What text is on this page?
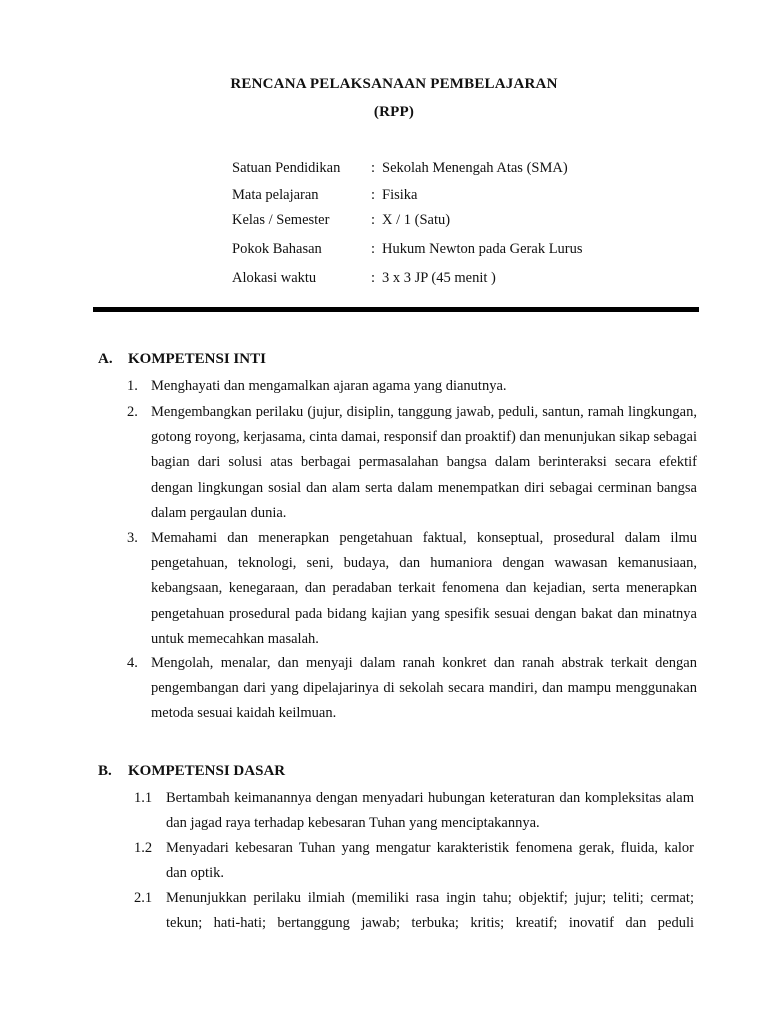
RENCANA PELAKSANAAN PEMBELAJARAN
(RPP)
Satuan Pendidikan : Sekolah Menengah Atas (SMA)
Mata pelajaran	: Fisika
Kelas / Semester	: X / 1 (Satu)
Pokok Bahasan	: Hukum Newton pada Gerak Lurus
Alokasi waktu	: 3 x 3 JP (45 menit )
A. KOMPETENSI INTI
1. Menghayati dan mengamalkan ajaran agama yang dianutnya.
2. Mengembangkan perilaku (jujur, disiplin, tanggung jawab, peduli, santun, ramah lingkungan, gotong royong, kerjasama, cinta damai, responsif dan proaktif) dan menunjukan sikap sebagai bagian dari solusi atas berbagai permasalahan bangsa dalam berinteraksi secara efektif dengan lingkungan sosial dan alam serta dalam menempatkan diri sebagai cerminan bangsa dalam pergaulan dunia.
3. Memahami dan menerapkan pengetahuan faktual, konseptual, prosedural dalam ilmu pengetahuan, teknologi, seni, budaya, dan humaniora dengan wawasan kemanusiaan, kebangsaan, kenegaraan, dan peradaban terkait fenomena dan kejadian, serta menerapkan pengetahuan prosedural pada bidang kajian yang spesifik sesuai dengan bakat dan minatnya untuk memecahkan masalah.
4. Mengolah, menalar, dan menyaji dalam ranah konkret dan ranah abstrak terkait dengan pengembangan dari yang dipelajarinya di sekolah secara mandiri, dan mampu menggunakan metoda sesuai kaidah keilmuan.
B. KOMPETENSI DASAR
1.1 Bertambah keimanannya dengan menyadari hubungan keteraturan dan kompleksitas alam dan jagad raya terhadap kebesaran Tuhan yang menciptakannya.
1.2 Menyadari kebesaran Tuhan yang mengatur karakteristik fenomena gerak, fluida, kalor dan optik.
2.1 Menunjukkan perilaku ilmiah (memiliki rasa ingin tahu; objektif; jujur; teliti; cermat; tekun; hati-hati; bertanggung jawab; terbuka; kritis; kreatif; inovatif dan peduli
